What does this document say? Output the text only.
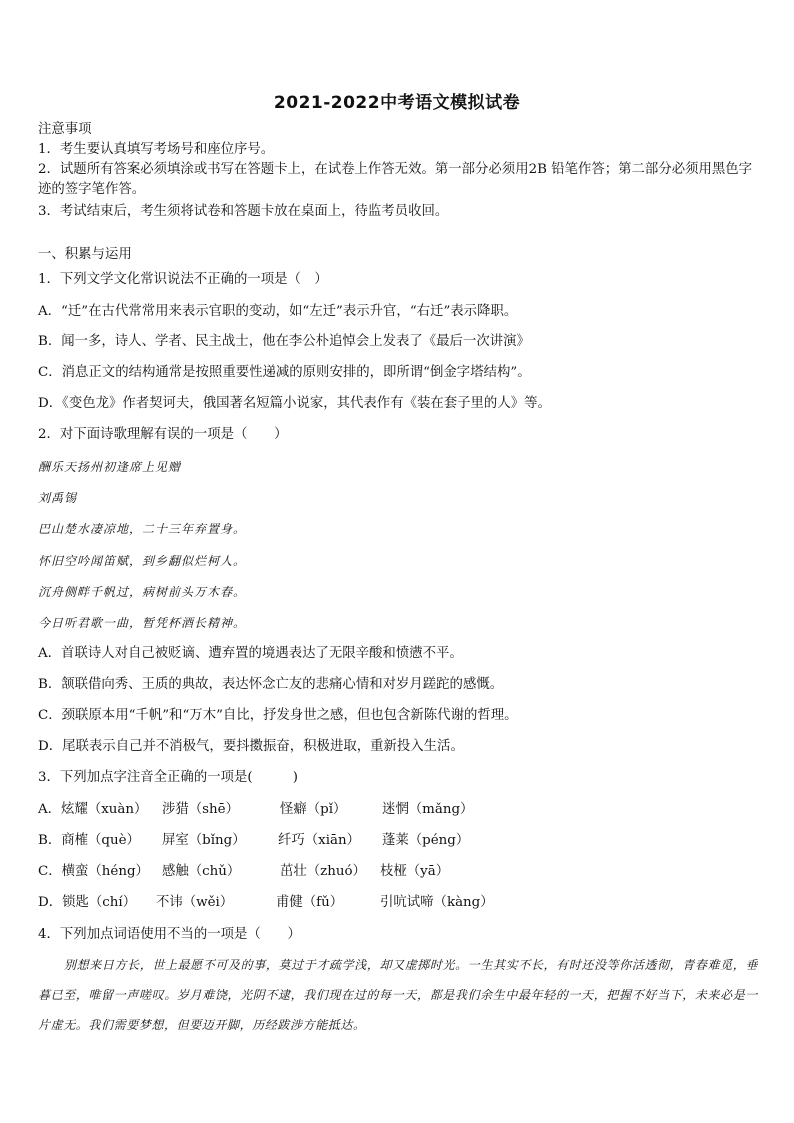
2021-2022中考语文模拟试卷
注意事项
1．考生要认真填写考场号和座位序号。
2．试题所有答案必须填涂或书写在答题卡上，在试卷上作答无效。第一部分必须用2B 铅笔作答；第二部分必须用黑色字迹的签字笔作答。
3．考试结束后，考生须将试卷和答题卡放在桌面上，待监考员收回。
一、积累与运用
1．下列文学文化常识说法不正确的一项是（　）
A．“迁”在古代常常用来表示官职的变动，如“左迁”表示升官，“右迁”表示降职。
B．闻一多，诗人、学者、民主战士，他在李公朴追悼会上发表了《最后一次讲演》
C．消息正文的结构通常是按照重要性递减的原则安排的，即所谓“倒金字塔结构”。
D．《变色龙》作者契诃夫，俄国著名短篇小说家，其代表作有《装在套子里的人》等。
2．对下面诗歌理解有误的一项是（　　）
酬乐天扬州初逢席上见赠
刘禹锡
巴山楚水凄凉地，二十三年弃置身。
怀旧空吟闻笛赋，到乡翻似烂柯人。
沉舟侧畔千帆过，病树前头万木春。
今日听君歌一曲，暂凭杯酒长精神。
A．首联诗人对自己被贬谪、遭弃置的境遇表达了无限辛酸和愤懑不平。
B．颔联借向秀、王质的典故，表达怀念亡友的悲痛心情和对岁月蹉跎的感慨。
C．颈联原本用“千帆”和“万木”自比，抒发身世之感，但也包含新陈代谢的哲理。
D．尾联表示自己并不消极气，要抖擞振奋，积极进取，重新投入生活。
3．下列加点字注音全正确的一项是(　　　)
A．炫耀（xuàn） 涉猎（shē）	怪癖（pǐ）	迷惘（mǎng）
B．商榷（què） 屏室（bǐng） 纤巧（xiān） 蓬莱（péng）
C．横蛮（héng） 感触（chǔ）	茁壮（zhuó） 枝桠（yā）
D．锁匙（chí） 不讳（wěi）	甫健（fǔ）	引吭试啼（kàng）
4．下列加点词语使用不当的一项是（　　）
别想来日方长，世上最愿不可及的事，莫过于才疏学浅，却又虚掷时光。一生其实不长，有时还没等你活透彻，青春难觅，垂暮已至，唯留一声嗟叹。岁月难饶，光阴不逮，我们现在过的每一天，都是我们余生中最年轻的一天，把握不好当下，未来必是一片虚无。我们需要梦想，但要迈开脚，历经跋涉方能抵达。
